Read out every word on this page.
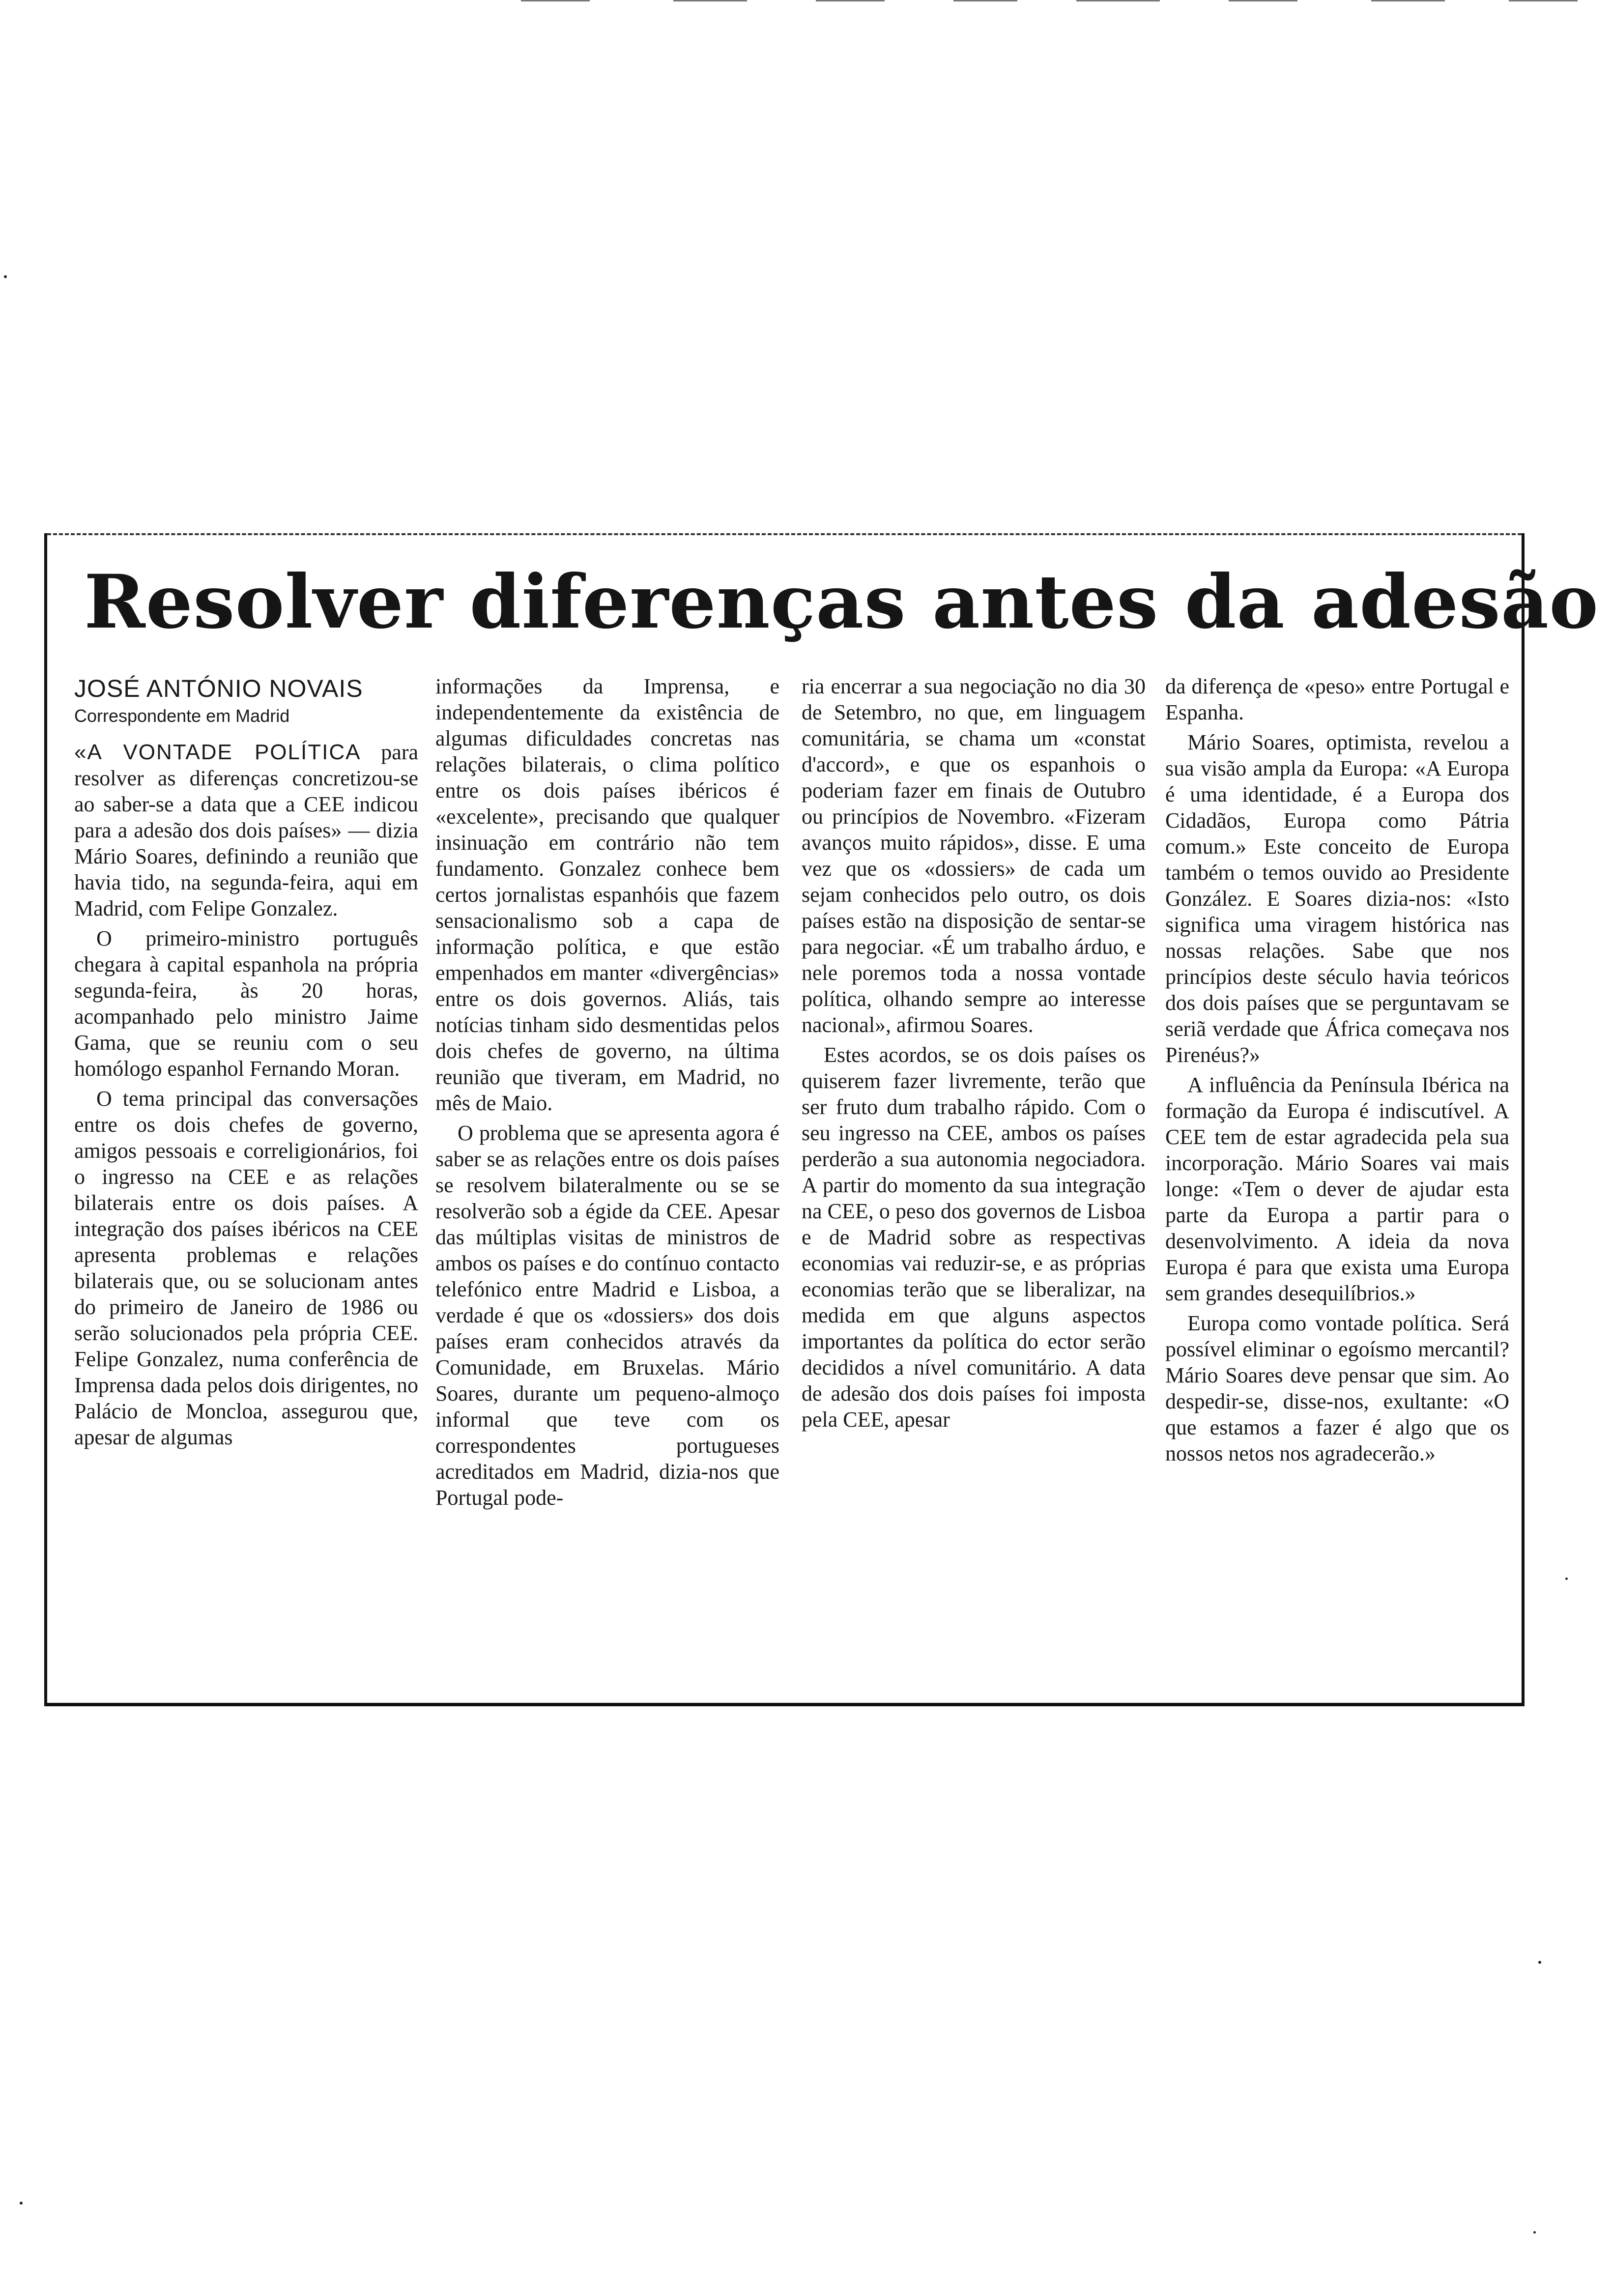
Resolver diferenças antes da adesão
JOSÉ ANTÓNIO NOVAIS
Correspondente em Madrid

«A VONTADE POLÍTICA para resolver as diferenças concretizou-se ao saber-se a data que a CEE indicou para a adesão dos dois países» — dizia Mário Soares, definindo a reunião que havia tido, na segunda-feira, aqui em Madrid, com Felipe Gonzalez.

O primeiro-ministro português chegara à capital espanhola na própria segunda-feira, às 20 horas, acompanhado pelo ministro Jaime Gama, que se reuniu com o seu homólogo espanhol Fernando Moran.

O tema principal das conversações entre os dois chefes de governo, amigos pessoais e correligionários, foi o ingresso na CEE e as relações bilaterais entre os dois países. A integração dos países ibéricos na CEE apresenta problemas e relações bilaterais que, ou se solucionam antes do primeiro de Janeiro de 1986 ou serão solucionados pela própria CEE. Felipe Gonzalez, numa conferência de Imprensa dada pelos dois dirigentes, no Palácio de Moncloa, assegurou que, apesar de algumas

informações da Imprensa, e independentemente da existência de algumas dificuldades concretas nas relações bilaterais, o clima político entre os dois países ibéricos é «excelente», precisando que qualquer insinuação em contrário não tem fundamento. Gonzalez conhece bem certos jornalistas espanhóis que fazem sensacionalismo sob a capa de informação política, e que estão empenhados em manter «divergências» entre os dois governos. Aliás, tais notícias tinham sido desmentidas pelos dois chefes de governo, na última reunião que tiveram, em Madrid, no mês de Maio.

O problema que se apresenta agora é saber se as relações entre os dois países se resolvem bilateralmente ou se se resolverão sob a égide da CEE. Apesar das múltiplas visitas de ministros de ambos os países e do contínuo contacto telefónico entre Madrid e Lisboa, a verdade é que os «dossiers» dos dois países eram conhecidos através da Comunidade, em Bruxelas. Mário Soares, durante um pequeno-almoço informal que teve com os correspondentes portugueses acreditados em Madrid, dizia-nos que Portugal pode-

ria encerrar a sua negociação no dia 30 de Setembro, no que, em linguagem comunitária, se chama um «constat d'accord», e que os espanhois o poderiam fazer em finais de Outubro ou princípios de Novembro. «Fizeram avanços muito rápidos», disse. E uma vez que os «dossiers» de cada um sejam conhecidos pelo outro, os dois países estão na disposição de sentar-se para negociar. «É um trabalho árduo, e nele poremos toda a nossa vontade política, olhando sempre ao interesse nacional», afirmou Soares.

Estes acordos, se os dois países os quiserem fazer livremente, terão que ser fruto dum trabalho rápido. Com o seu ingresso na CEE, ambos os países perderão a sua autonomia negociadora. A partir do momento da sua integração na CEE, o peso dos governos de Lisboa e de Madrid sobre as respectivas economias vai reduzir-se, e as próprias economias terão que se liberalizar, na medida em que alguns aspectos importantes da política do ector serão decididos a nível comunitário. A data de adesão dos dois países foi imposta pela CEE, apesar

da diferença de «peso» entre Portugal e Espanha.

Mário Soares, optimista, revelou a sua visão ampla da Europa: «A Europa é uma identidade, é a Europa dos Cidadãos, Europa como Pátria comum.» Este conceito de Europa também o temos ouvido ao Presidente González. E Soares dizia-nos: «Isto significa uma viragem histórica nas nossas relações. Sabe que nos princípios deste século havia teóricos dos dois países que se perguntavam se seriã verdade que África começava nos Pirenéus?»

A influência da Península Ibérica na formação da Europa é indiscutível. A CEE tem de estar agradecida pela sua incorporação. Mário Soares vai mais longe: «Tem o dever de ajudar esta parte da Europa a partir para o desenvolvimento. A ideia da nova Europa é para que exista uma Europa sem grandes desequilíbrios.»

Europa como vontade política. Será possível eliminar o egoísmo mercantil? Mário Soares deve pensar que sim. Ao despedir-se, disse-nos, exultante: «O que estamos a fazer é algo que os nossos netos nos agradecerão.»
